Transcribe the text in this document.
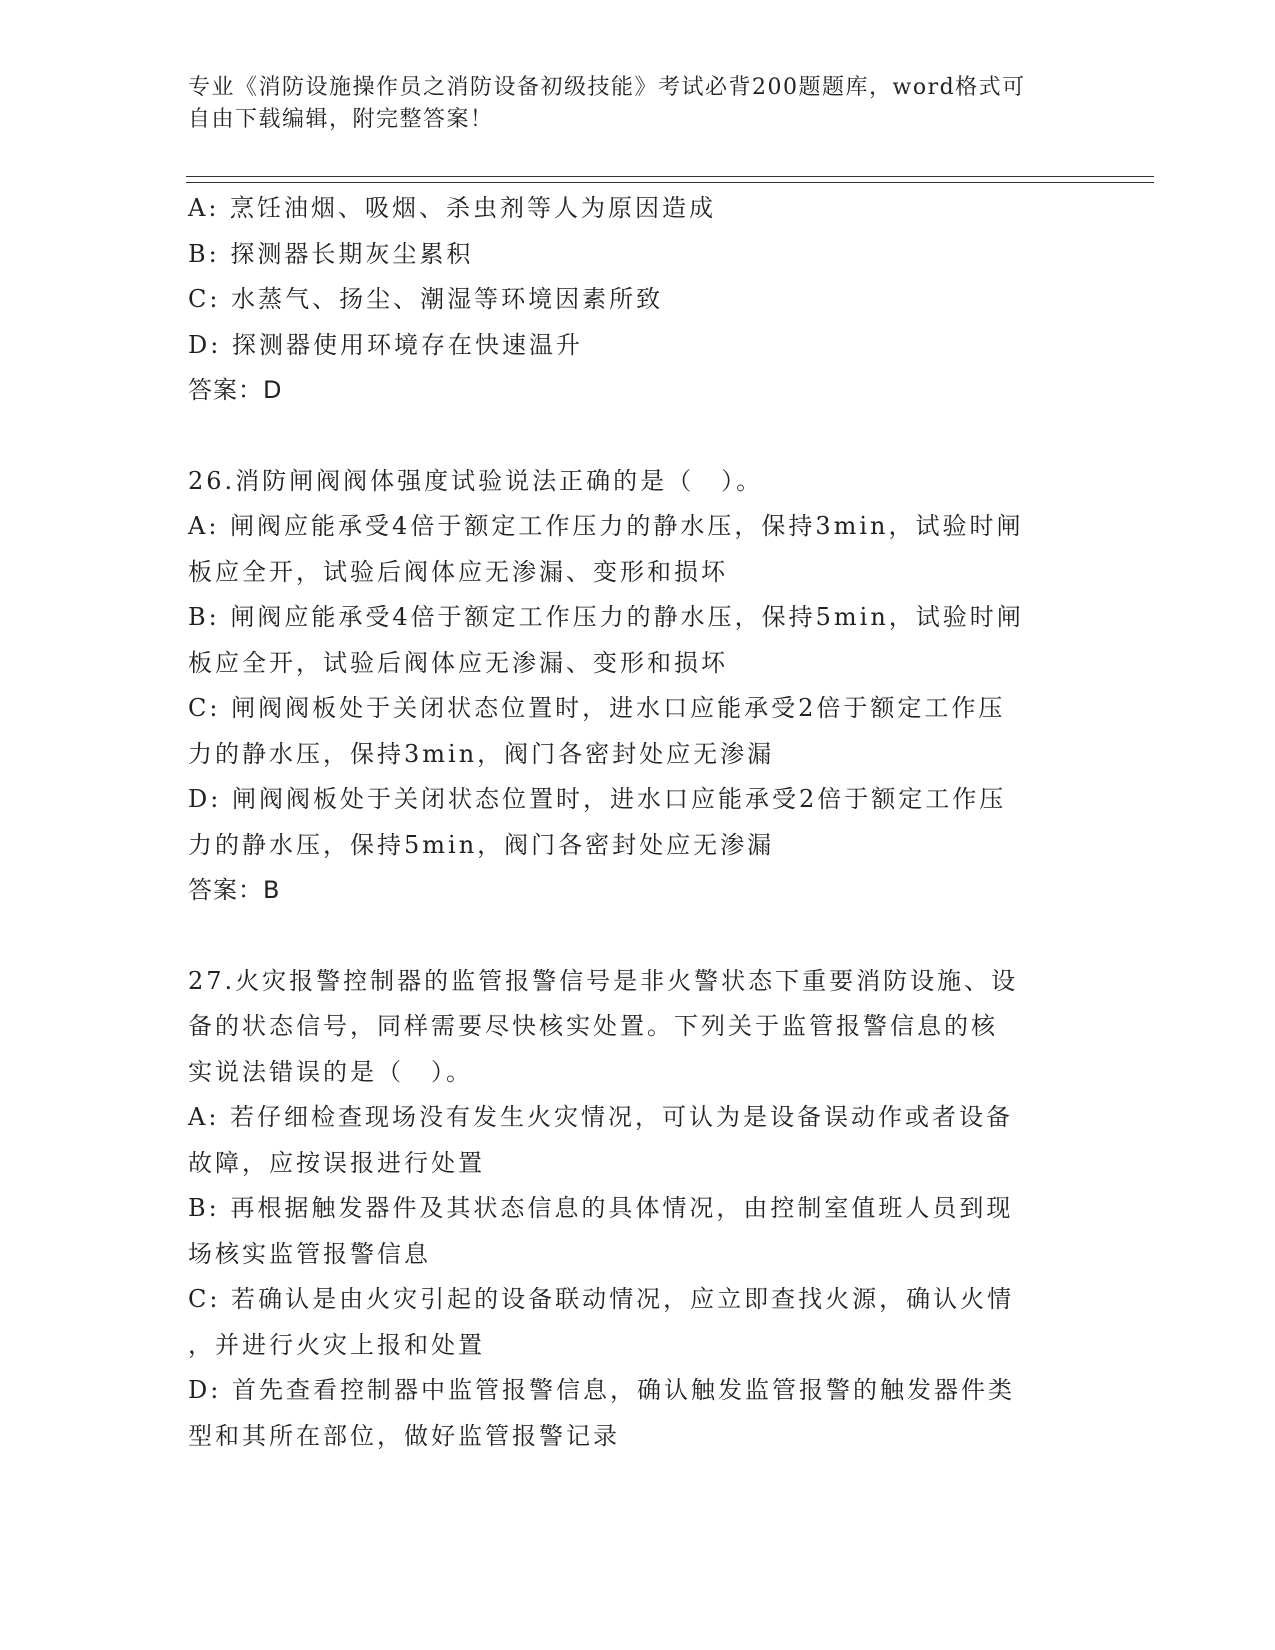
专业《消防设施操作员之消防设备初级技能》考试必背200题题库，word格式可

自由下载编辑，附完整答案！

A: 烹饪油烟、吸烟、杀虫剂等人为原因造成

B: 探测器长期灰尘累积

C: 水蒸气、扬尘、潮湿等环境因素所致

D: 探测器使用环境存在快速温升

答案：D

26.消防闸阀阀体强度试验说法正确的是（　）。

A: 闸阀应能承受4倍于额定工作压力的静水压，保持3min，试验时闸

板应全开，试验后阀体应无渗漏、变形和损坏

B: 闸阀应能承受4倍于额定工作压力的静水压，保持5min，试验时闸

板应全开，试验后阀体应无渗漏、变形和损坏

C: 闸阀阀板处于关闭状态位置时，进水口应能承受2倍于额定工作压

力的静水压，保持3min，阀门各密封处应无渗漏

D: 闸阀阀板处于关闭状态位置时，进水口应能承受2倍于额定工作压

力的静水压，保持5min，阀门各密封处应无渗漏

答案：B

27.火灾报警控制器的监管报警信号是非火警状态下重要消防设施、设

备的状态信号，同样需要尽快核实处置。下列关于监管报警信息的核

实说法错误的是（　）。

A: 若仔细检查现场没有发生火灾情况，可认为是设备误动作或者设备

故障，应按误报进行处置

B: 再根据触发器件及其状态信息的具体情况，由控制室值班人员到现

场核实监管报警信息

C: 若确认是由火灾引起的设备联动情况，应立即查找火源，确认火情

，并进行火灾上报和处置

D: 首先查看控制器中监管报警信息，确认触发监管报警的触发器件类

型和其所在部位，做好监管报警记录
